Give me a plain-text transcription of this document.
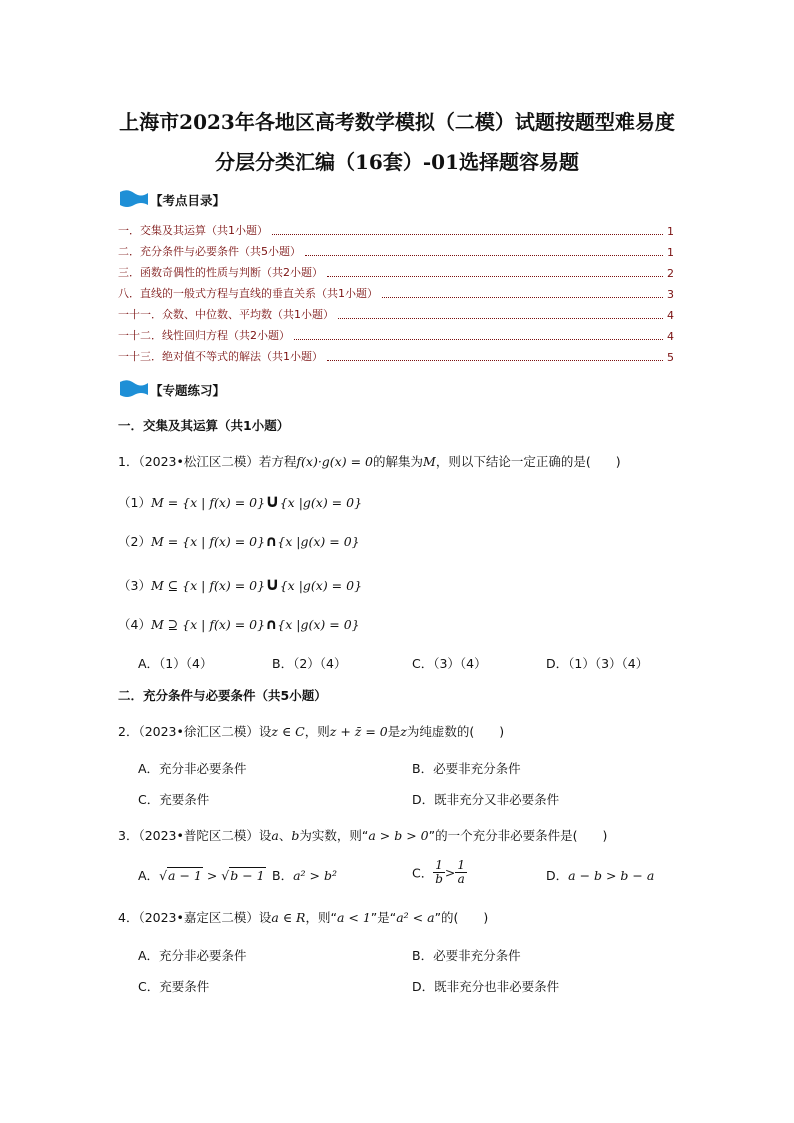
上海市2023年各地区高考数学模拟（二模）试题按题型难易度
分层分类汇编（16套）-01选择题容易题
【考点目录】
一．交集及其运算（共1小题）	1
二．充分条件与必要条件（共5小题）	1
三．函数奇偶性的性质与判断（共2小题）	2
八．直线的一般式方程与直线的垂直关系（共1小题）	3
一十一．众数、中位数、平均数（共1小题）	4
一十二．线性回归方程（共2小题）	4
一十三．绝对值不等式的解法（共1小题）	5
【专题练习】
一．交集及其运算（共1小题）
1．（2023•松江区二模）若方程f(x)·g(x) = 0的解集为M，则以下结论一定正确的是(　　)
（1）M = {x | f(x) = 0}∪{x |g(x) = 0}
（2）M = {x | f(x) = 0}∩{x |g(x) = 0}
（3）M ⊆ {x | f(x) = 0}∪{x |g(x) = 0}
（4）M ⊇ {x | f(x) = 0}∩{x |g(x) = 0}
A．（1）（4）	B．（2）（4）	C．（3）（4）	D．（1）（3）（4）
二．充分条件与必要条件（共5小题）
2．（2023•徐汇区二模）设z ∈ C，则z + z̄ = 0是z为纯虚数的(　　)
A．充分非必要条件	B．必要非充分条件
C．充要条件	D．既非充分又非必要条件
3．（2023•普陀区二模）设a、b为实数，则“a > b > 0”的一个充分非必要条件是(　　)
A．√a − 1 > √b − 1 B．a² > b²	C． $\frac{1}{b} > \frac{1}{a}$	D．a − b > b − a
4．（2023•嘉定区二模）设a ∈ R，则“a < 1”是“a² < a”的(　　)
A．充分非必要条件	B．必要非充分条件
C．充要条件	D．既非充分也非必要条件
